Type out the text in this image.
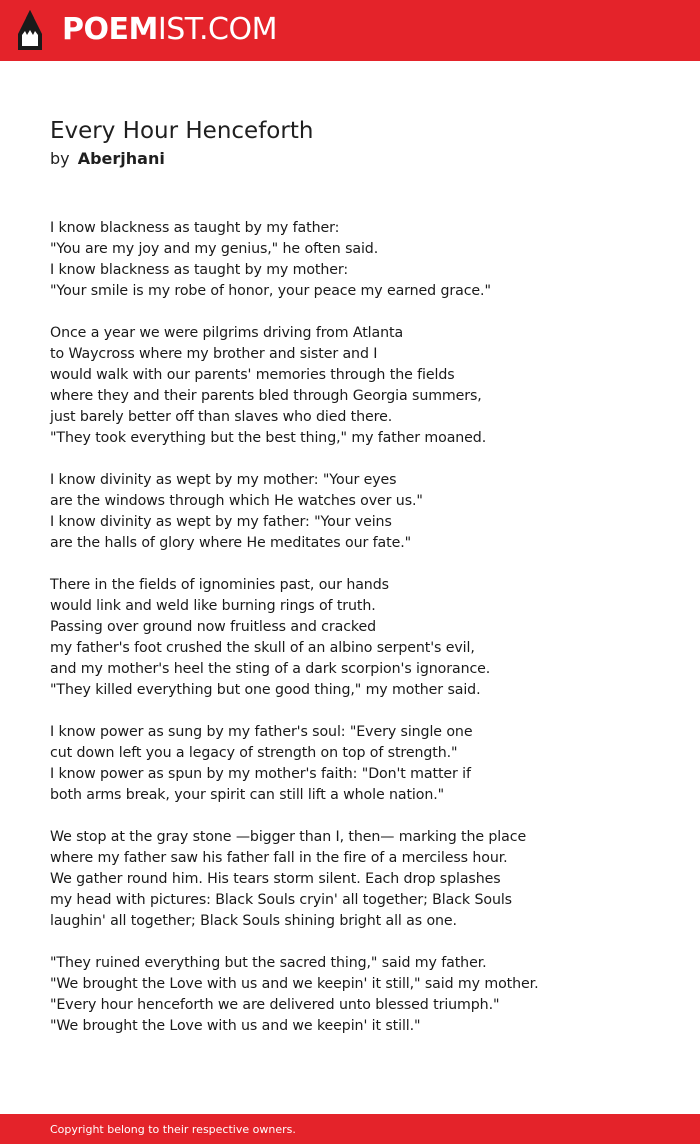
POEMIST.COM
Every Hour Henceforth
by Aberjhani
I know blackness as taught by my father:
"You are my joy and my genius," he often said.
I know blackness as taught by my mother:
"Your smile is my robe of honor, your peace my earned grace."
Once a year we were pilgrims driving from Atlanta
to Waycross where my brother and sister and I
would walk with our parents' memories through the fields
where they and their parents bled through Georgia summers,
just barely better off than slaves who died there.
"They took everything but the best thing," my father moaned.
I know divinity as wept by my mother: "Your eyes
are the windows through which He watches over us."
I know divinity as wept by my father: "Your veins
are the halls of glory where He meditates our fate."
There in the fields of ignominies past, our hands
would link and weld like burning rings of truth.
Passing over ground now fruitless and cracked
my father's foot crushed the skull of an albino serpent's evil,
and my mother's heel the sting of a dark scorpion's ignorance.
"They killed everything but one good thing," my mother said.
I know power as sung by my father's soul: "Every single one
cut down left you a legacy of strength on top of strength."
I know power as spun by my mother's faith: "Don't matter if
both arms break, your spirit can still lift a whole nation."
We stop at the gray stone —bigger than I, then— marking the place
where my father saw his father fall in the fire of a merciless hour.
We gather round him. His tears storm silent. Each drop splashes
my head with pictures: Black Souls cryin' all together; Black Souls
laughin' all together; Black Souls shining bright all as one.
"They ruined everything but the sacred thing," said my father.
"We brought the Love with us and we keepin' it still," said my mother.
"Every hour henceforth we are delivered unto blessed triumph."
"We brought the Love with us and we keepin' it still."
Copyright belong to their respective owners.
